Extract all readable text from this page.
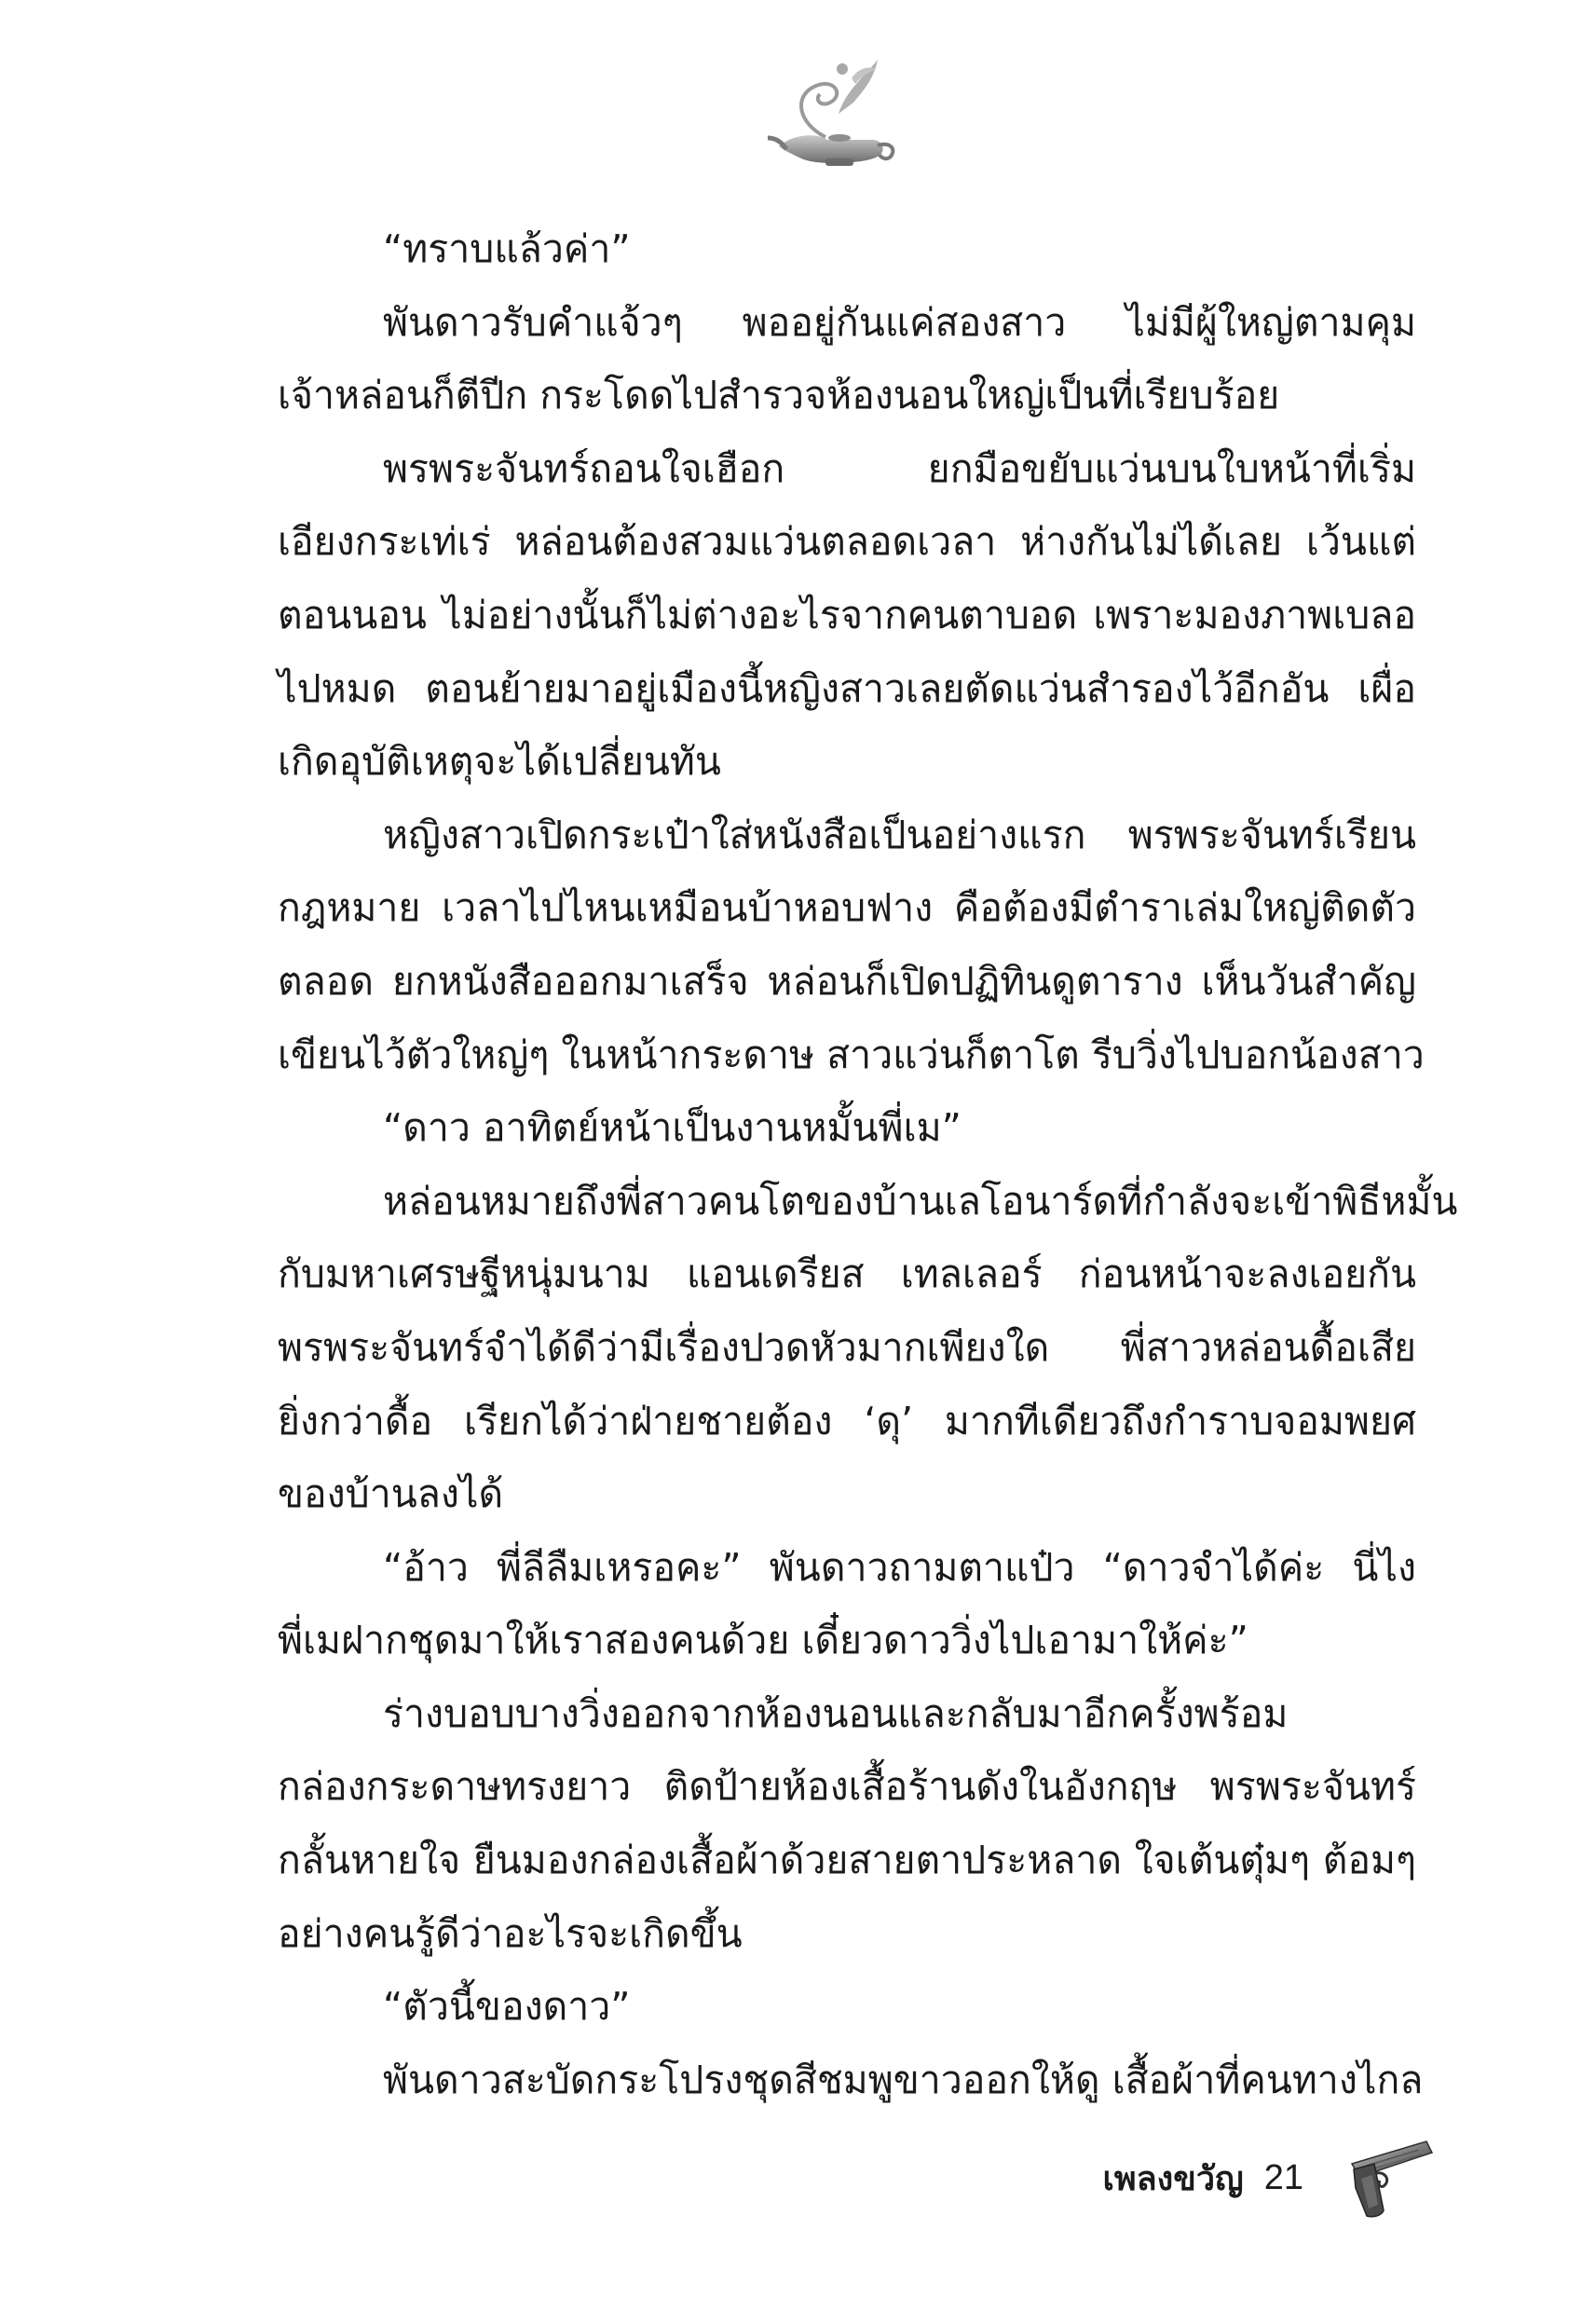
“ทราบแล้วค่า”
พันดาวรับคำแจ้วๆ พออยู่กันแค่สองสาว ไม่มีผู้ใหญ่ตามคุม
เจ้าหล่อนก็ตีปีก กระโดดไปสำรวจห้องนอนใหญ่เป็นที่เรียบร้อย
พรพระจันทร์ถอนใจเฮือก ยกมือขยับแว่นบนใบหน้าที่เริ่ม
เอียงกระเท่เร่ หล่อนต้องสวมแว่นตลอดเวลา ห่างกันไม่ได้เลย เว้นแต่
ตอนนอน ไม่อย่างนั้นก็ไม่ต่างอะไรจากคนตาบอด เพราะมองภาพเบลอ
ไปหมด ตอนย้ายมาอยู่เมืองนี้หญิงสาวเลยตัดแว่นสำรองไว้อีกอัน เผื่อ
เกิดอุบัติเหตุจะได้เปลี่ยนทัน
หญิงสาวเปิดกระเป๋าใส่หนังสือเป็นอย่างแรก พรพระจันทร์เรียน
กฎหมาย เวลาไปไหนเหมือนบ้าหอบฟาง คือต้องมีตำราเล่มใหญ่ติดตัว
ตลอด ยกหนังสือออกมาเสร็จ หล่อนก็เปิดปฏิทินดูตาราง เห็นวันสำคัญ
เขียนไว้ตัวใหญ่ๆ ในหน้ากระดาษ สาวแว่นก็ตาโต รีบวิ่งไปบอกน้องสาว
“ดาว อาทิตย์หน้าเป็นงานหมั้นพี่เม”
หล่อนหมายถึงพี่สาวคนโตของบ้านเลโอนาร์ดที่กำลังจะเข้าพิธีหมั้น
กับมหาเศรษฐีหนุ่มนาม แอนเดรียส เทลเลอร์ ก่อนหน้าจะลงเอยกัน
พรพระจันทร์จำได้ดีว่ามีเรื่องปวดหัวมากเพียงใด พี่สาวหล่อนดื้อเสีย
ยิ่งกว่าดื้อ เรียกได้ว่าฝ่ายชายต้อง ‘ดุ’ มากทีเดียวถึงกำราบจอมพยศ
ของบ้านลงได้
“อ้าว พี่ลีลืมเหรอคะ” พันดาวถามตาแป๋ว “ดาวจำได้ค่ะ นี่ไง
พี่เมฝากชุดมาให้เราสองคนด้วย เดี๋ยวดาววิ่งไปเอามาให้ค่ะ”
ร่างบอบบางวิ่งออกจากห้องนอนและกลับมาอีกครั้งพร้อม
กล่องกระดาษทรงยาว ติดป้ายห้องเสื้อร้านดังในอังกฤษ พรพระจันทร์
กลั้นหายใจ ยืนมองกล่องเสื้อผ้าด้วยสายตาประหลาด ใจเต้นตุ๋มๆ ต้อมๆ
อย่างคนรู้ดีว่าอะไรจะเกิดขึ้น
“ตัวนี้ของดาว”
พันดาวสะบัดกระโปรงชุดสีชมพูขาวออกให้ดู เสื้อผ้าที่คนทางไกล
เพลงขวัญ 21
